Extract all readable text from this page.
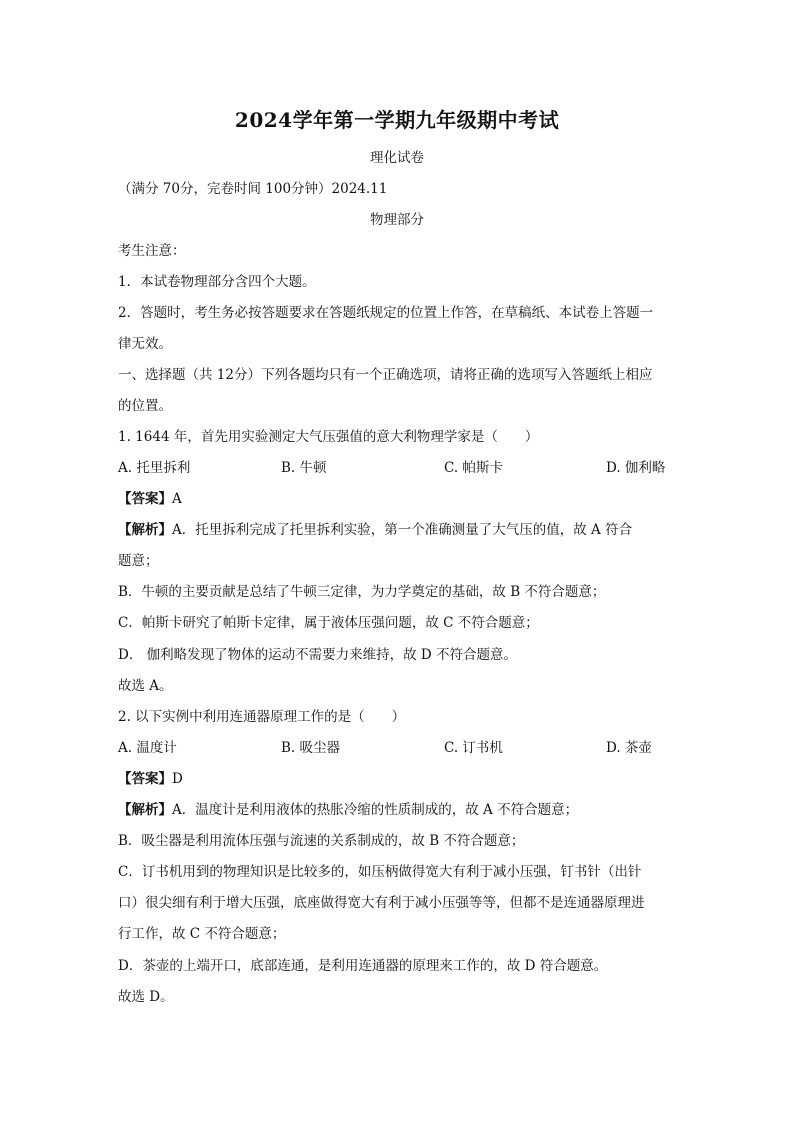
2024学年第一学期九年级期中考试
理化试卷
（满分 70分，完卷时间 100分钟）2024.11
物理部分
考生注意：
1．本试卷物理部分含四个大题。
2．答题时，考生务必按答题要求在答题纸规定的位置上作答，在草稿纸、本试卷上答题一
律无效。
一、选择题（共 12分）下列各题均只有一个正确选项，请将正确的选项写入答题纸上相应
的位置。
1. 1644 年，首先用实验测定大气压强值的意大利物理学家是（　　）
A. 托里拆利	B. 牛顿	C. 帕斯卡	D. 伽利略
【答案】A
【解析】A．托里拆利完成了托里拆利实验，第一个准确测量了大气压的值，故 A 符合
题意；
B．牛顿的主要贡献是总结了牛顿三定律，为力学奠定的基础，故 B 不符合题意；
C．帕斯卡研究了帕斯卡定律，属于液体压强问题，故 C 不符合题意；
D． 伽利略发现了物体的运动不需要力来维持，故 D 不符合题意。
故选 A。
2. 以下实例中利用连通器原理工作的是（　　）
A. 温度计	B. 吸尘器	C. 订书机	D. 茶壶
【答案】D
【解析】A．温度计是利用液体的热胀冷缩的性质制成的，故 A 不符合题意；
B．吸尘器是利用流体压强与流速的关系制成的，故 B 不符合题意；
C．订书机用到的物理知识是比较多的，如压柄做得宽大有利于减小压强，钉书针（出针
口）很尖细有利于增大压强，底座做得宽大有利于减小压强等等，但都不是连通器原理进
行工作，故 C 不符合题意；
D．茶壶的上端开口，底部连通，是利用连通器的原理来工作的，故 D 符合题意。
故选 D。
